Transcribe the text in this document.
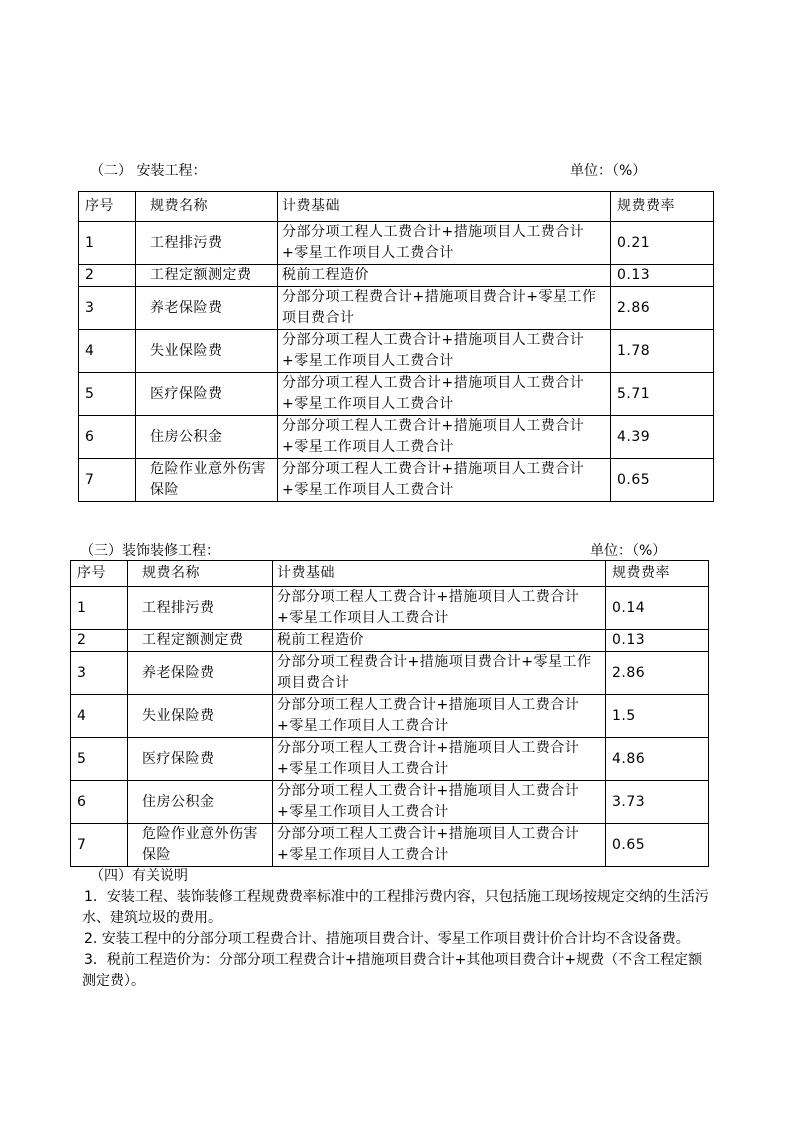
（二） 安装工程：	单位：（%）
序号	规费名称	计费基础	规费费率
1	工程排污费	分部分项工程人工费合计+措施项目人工费合计+零星工作项目人工费合计	0.21
2	工程定额测定费	税前工程造价	0.13
3	养老保险费	分部分项工程费合计+措施项目费合计+零星工作项目费合计	2.86
4	失业保险费	分部分项工程人工费合计+措施项目人工费合计+零星工作项目人工费合计	1.78
5	医疗保险费	分部分项工程人工费合计+措施项目人工费合计+零星工作项目人工费合计	5.71
6	住房公积金	分部分项工程人工费合计+措施项目人工费合计+零星工作项目人工费合计	4.39
7	危险作业意外伤害保险	分部分项工程人工费合计+措施项目人工费合计+零星工作项目人工费合计	0.65
（三）装饰装修工程：	单位：（%）
序号	规费名称	计费基础	规费费率
1	工程排污费	分部分项工程人工费合计+措施项目人工费合计+零星工作项目人工费合计	0.14
2	工程定额测定费	税前工程造价	0.13
3	养老保险费	分部分项工程费合计+措施项目费合计+零星工作项目费合计	2.86
4	失业保险费	分部分项工程人工费合计+措施项目人工费合计+零星工作项目人工费合计	1.5
5	医疗保险费	分部分项工程人工费合计+措施项目人工费合计+零星工作项目人工费合计	4.86
6	住房公积金	分部分项工程人工费合计+措施项目人工费合计+零星工作项目人工费合计	3.73
7	危险作业意外伤害保险	分部分项工程人工费合计+措施项目人工费合计+零星工作项目人工费合计	0.65

（四）有关说明

1．安装工程、装饰装修工程规费费率标准中的工程排污费内容，只包括施工现场按规定交纳的生活污水、建筑垃圾的费用。

2. 安装工程中的分部分项工程费合计、措施项目费合计、零星工作项目费计价合计均不含设备费。

3．税前工程造价为：分部分项工程费合计+措施项目费合计+其他项目费合计+规费（不含工程定额测定费）。
